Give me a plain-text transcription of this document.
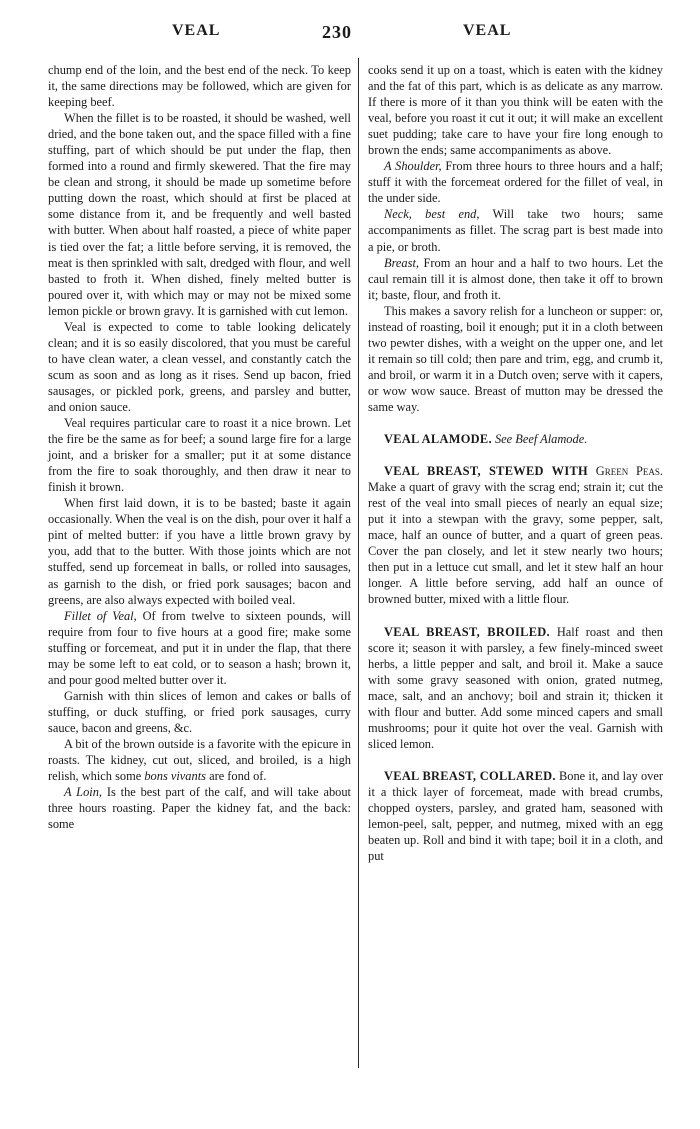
VEAL	230	VEAL

chump end of the loin, and the best end of the neck. To keep it, the same directions may be followed, which are given for keeping beef.

When the fillet is to be roasted, it should be washed, well dried, and the bone taken out, and the space filled with a fine stuffing, part of which should be put under the flap, then formed into a round and firmly skewered. That the fire may be clean and strong, it should be made up sometime before putting down the roast, which should at first be placed at some distance from it, and be frequently and well basted with butter. When about half roasted, a piece of white paper is tied over the fat; a little before serving, it is removed, the meat is then sprinkled with salt, dredged with flour, and well basted to froth it. When dished, finely melted butter is poured over it, with which may or may not be mixed some lemon pickle or brown gravy. It is garnished with cut lemon.

Veal is expected to come to table looking delicately clean; and it is so easily discolored, that you must be careful to have clean water, a clean vessel, and constantly catch the scum as soon and as long as it rises. Send up bacon, fried sausages, or pickled pork, greens, and parsley and butter, and onion sauce.

Veal requires particular care to roast it a nice brown. Let the fire be the same as for beef; a sound large fire for a large joint, and a brisker for a smaller; put it at some distance from the fire to soak thoroughly, and then draw it near to finish it brown.

When first laid down, it is to be basted; baste it again occasionally. When the veal is on the dish, pour over it half a pint of melted butter: if you have a little brown gravy by you, add that to the butter. With those joints which are not stuffed, send up forcemeat in balls, or rolled into sausages, as garnish to the dish, or fried pork sausages; bacon and greens, are also always expected with boiled veal.

Fillet of Veal, Of from twelve to sixteen pounds, will require from four to five hours at a good fire; make some stuffing or forcemeat, and put it in under the flap, that there may be some left to eat cold, or to season a hash; brown it, and pour good melted butter over it.

Garnish with thin slices of lemon and cakes or balls of stuffing, or duck stuffing, or fried pork sausages, curry sauce, bacon and greens, &c.

A bit of the brown outside is a favorite with the epicure in roasts. The kidney, cut out, sliced, and broiled, is a high relish, which some bons vivants are fond of.

A Loin, Is the best part of the calf, and will take about three hours roasting. Paper the kidney fat, and the back: some

cooks send it up on a toast, which is eaten with the kidney and the fat of this part, which is as delicate as any marrow. If there is more of it than you think will be eaten with the veal, before you roast it cut it out; it will make an excellent suet pudding; take care to have your fire long enough to brown the ends; same accompaniments as above.

A Shoulder, From three hours to three hours and a half; stuff it with the forcemeat ordered for the fillet of veal, in the under side.

Neck, best end, Will take two hours; same accompaniments as fillet. The scrag part is best made into a pie, or broth.

Breast, From an hour and a half to two hours. Let the caul remain till it is almost done, then take it off to brown it; baste, flour, and froth it.

This makes a savory relish for a luncheon or supper: or, instead of roasting, boil it enough; put it in a cloth between two pewter dishes, with a weight on the upper one, and let it remain so till cold; then pare and trim, egg, and crumb it, and broil, or warm it in a Dutch oven; serve with it capers, or wow wow sauce. Breast of mutton may be dressed the same way.

VEAL ALAMODE. See Beef Alamode.

VEAL BREAST, STEWED WITH Green Peas. Make a quart of gravy with the scrag end; strain it; cut the rest of the veal into small pieces of nearly an equal size; put it into a stewpan with the gravy, some pepper, salt, mace, half an ounce of butter, and a quart of green peas. Cover the pan closely, and let it stew nearly two hours; then put in a lettuce cut small, and let it stew half an hour longer. A little before serving, add half an ounce of browned butter, mixed with a little flour.

VEAL BREAST, BROILED. Half roast and then score it; season it with parsley, a few finely-minced sweet herbs, a little pepper and salt, and broil it. Make a sauce with some gravy seasoned with onion, grated nutmeg, mace, salt, and an anchovy; boil and strain it; thicken it with flour and butter. Add some minced capers and small mushrooms; pour it quite hot over the veal. Garnish with sliced lemon.

VEAL BREAST, COLLARED. Bone it, and lay over it a thick layer of forcemeat, made with bread crumbs, chopped oysters, parsley, and grated ham, seasoned with lemon-peel, salt, pepper, and nutmeg, mixed with an egg beaten up. Roll and bind it with tape; boil it in a cloth, and put
